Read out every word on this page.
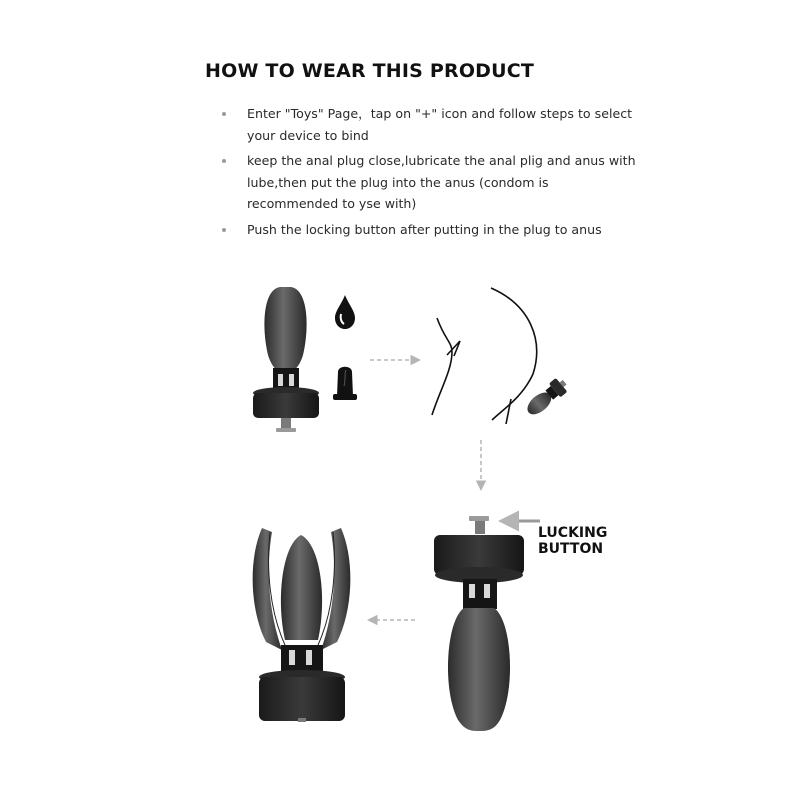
HOW TO WEAR THIS PRODUCT
Enter "Toys" Page，tap on "+" icon and follow steps to select your device to bind
keep the anal plug close,lubricate the anal plig and anus with lube,then put the plug into the anus (condom is recommended to yse with)
Push the locking button after putting in the plug to anus
LUCKING
BUTTON
